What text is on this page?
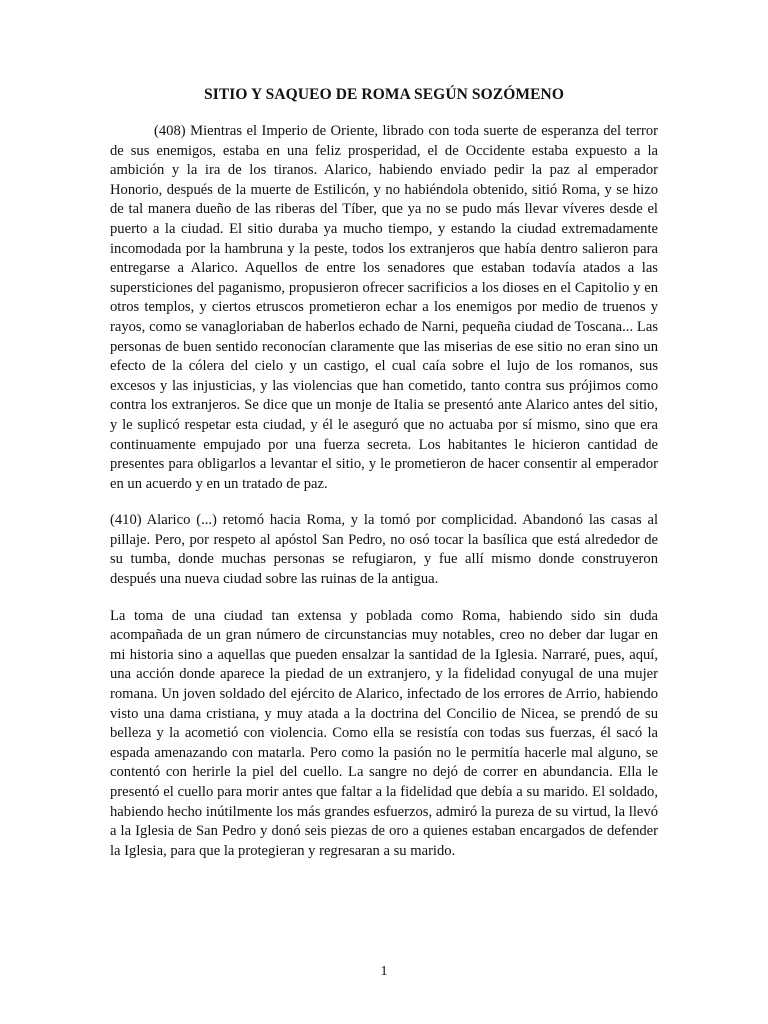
SITIO Y SAQUEO DE ROMA SEGÚN SOZÓMENO

(408) Mientras el Imperio de Oriente, librado con toda suerte de esperanza del terror de sus enemigos, estaba en una feliz prosperidad, el de Occidente estaba expuesto a la ambición y la ira de los tiranos. Alarico, habiendo enviado pedir la paz al emperador Honorio, después de la muerte de Estilicón, y no habiéndola obtenido, sitió Roma, y se hizo de tal manera dueño de las riberas del Tíber, que ya no se pudo más llevar víveres desde el puerto a la ciudad. El sitio duraba ya mucho tiempo, y estando la ciudad extremadamente incomodada por la hambruna y la peste, todos los extranjeros que había dentro salieron para entregarse a Alarico. Aquellos de entre los senadores que estaban todavía atados a las supersticiones del paganismo, propusieron ofrecer sacrificios a los dioses en el Capitolio y en otros templos, y ciertos etruscos prometieron echar a los enemigos por medio de truenos y rayos, como se vanagloriaban de haberlos echado de Narni, pequeña ciudad de Toscana... Las personas de buen sentido reconocían claramente que las miserias de ese sitio no eran sino un efecto de la cólera del cielo y un castigo, el cual caía sobre el lujo de los romanos, sus excesos y las injusticias, y las violencias que han cometido, tanto contra sus prójimos como contra los extranjeros. Se dice que un monje de Italia se presentó ante Alarico antes del sitio, y le suplicó respetar esta ciudad, y él le aseguró que no actuaba por sí mismo, sino que era continuamente empujado por una fuerza secreta. Los habitantes le hicieron cantidad de presentes para obligarlos a levantar el sitio, y le prometieron de hacer consentir al emperador en un acuerdo y en un tratado de paz.

(410) Alarico (...) retomó hacia Roma, y la tomó por complicidad. Abandonó las casas al pillaje. Pero, por respeto al apóstol San Pedro, no osó tocar la basílica que está alrededor de su tumba, donde muchas personas se refugiaron, y fue allí mismo donde construyeron después una nueva ciudad sobre las ruinas de la antigua.

La toma de una ciudad tan extensa y poblada como Roma, habiendo sido sin duda acompañada de un gran número de circunstancias muy notables, creo no deber dar lugar en mi historia sino a aquellas que pueden ensalzar la santidad de la Iglesia. Narraré, pues, aquí, una acción donde aparece la piedad de un extranjero, y la fidelidad conyugal de una mujer romana. Un joven soldado del ejército de Alarico, infectado de los errores de Arrio, habiendo visto una dama cristiana, y muy atada a la doctrina del Concilio de Nicea, se prendó de su belleza y la acometió con violencia. Como ella se resistía con todas sus fuerzas, él sacó la espada amenazando con matarla. Pero como la pasión no le permitía hacerle mal alguno, se contentó con herirle la piel del cuello. La sangre no dejó de correr en abundancia. Ella le presentó el cuello para morir antes que faltar a la fidelidad que debía a su marido. El soldado, habiendo hecho inútilmente los más grandes esfuerzos, admiró la pureza de su virtud, la llevó a la Iglesia de San Pedro y donó seis piezas de oro a quienes estaban encargados de defender la Iglesia, para que la protegieran y regresaran a su marido.

1
